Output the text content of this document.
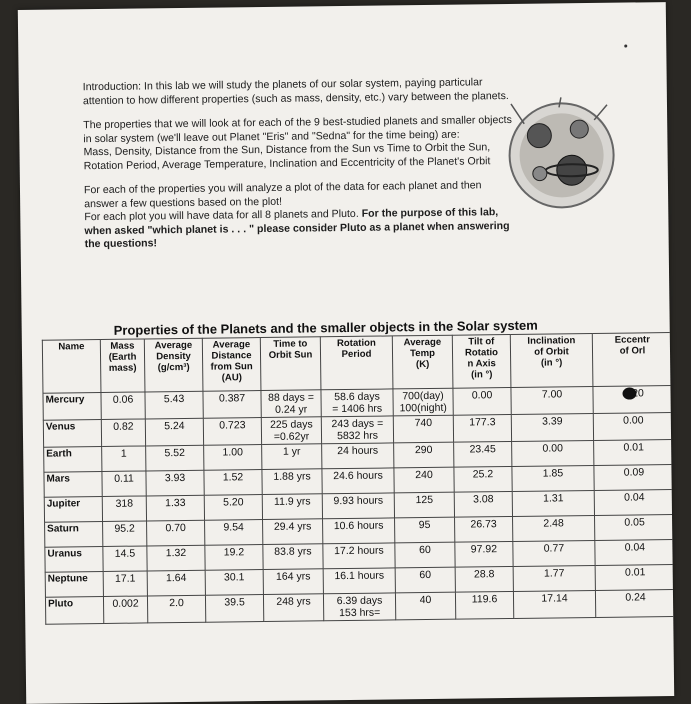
Introduction: In this lab we will study the planets of our solar system, paying particular attention to how different properties (such as mass, density, etc.) vary between the planets.

The properties that we will look at for each of the 9 best-studied planets and smaller objects in solar system (we'll leave out Planet "Eris" and "Sedna" for the time being) are:
Mass, Density, Distance from the Sun, Distance from the Sun vs Time to Orbit the Sun, Rotation Period, Average Temperature, Inclination and Eccentricity of the Planet's Orbit

For each of the properties you will analyze a plot of the data for each planet and then answer a few questions based on the plot!
For each plot you will have data for all 8 planets and Pluto. For the purpose of this lab, when asked "which planet is . . . " please consider Pluto as a planet when answering the questions!

Properties of the Planets and the smaller objects in the Solar system
Name	Mass
(Earth
mass)	Average
Density
(g/cm³)	Average
Distance
from Sun
(AU)	Time to
Orbit Sun	Rotation
Period	Average
Temp
(K)	Tilt of
Rotatio
n Axis
(in °)	Inclination
of Orbit
(in °)	Eccentr
of Orl
Mercury	0.06	5.43	0.387	88 days =
0.24 yr	58.6 days
= 1406 hrs	700(day)
100(night)	0.00	7.00	20
Venus	0.82	5.24	0.723	225 days
=0.62yr	243 days =
5832 hrs	740	177.3	3.39	0.00
Earth	1	5.52	1.00	1 yr	24 hours	290	23.45	0.00	0.01
Mars	0.11	3.93	1.52	1.88 yrs	24.6 hours	240	25.2	1.85	0.09
Jupiter	318	1.33	5.20	11.9 yrs	9.93 hours	125	3.08	1.31	0.04
Saturn	95.2	0.70	9.54	29.4 yrs	10.6 hours	95	26.73	2.48	0.05
Uranus	14.5	1.32	19.2	83.8 yrs	17.2 hours	60	97.92	0.77	0.04
Neptune	17.1	1.64	30.1	164 yrs	16.1 hours	60	28.8	1.77	0.01
Pluto	0.002	2.0	39.5	248 yrs	6.39 days
153 hrs=	40	119.6	17.14	0.24
